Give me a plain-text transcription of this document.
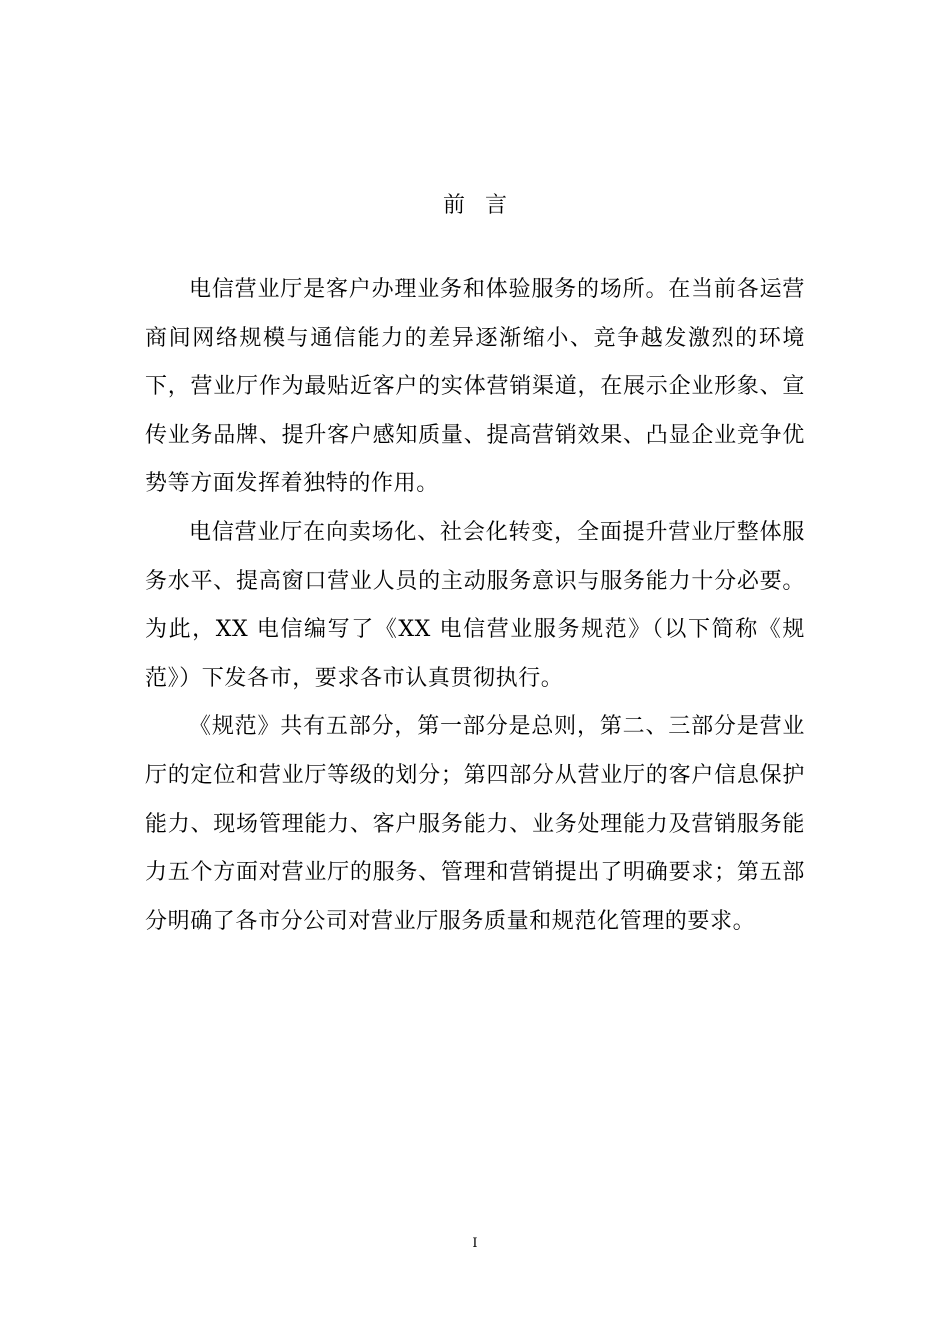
前言

电信营业厅是客户办理业务和体验服务的场所。在当前各运营商间网络规模与通信能力的差异逐渐缩小、竞争越发激烈的环境下，营业厅作为最贴近客户的实体营销渠道，在展示企业形象、宣传业务品牌、提升客户感知质量、提高营销效果、凸显企业竞争优势等方面发挥着独特的作用。

电信营业厅在向卖场化、社会化转变，全面提升营业厅整体服务水平、提高窗口营业人员的主动服务意识与服务能力十分必要。为此，XX 电信编写了《XX 电信营业服务规范》（以下简称《规范》）下发各市，要求各市认真贯彻执行。

《规范》共有五部分，第一部分是总则，第二、三部分是营业厅的定位和营业厅等级的划分；第四部分从营业厅的客户信息保护能力、现场管理能力、客户服务能力、业务处理能力及营销服务能力五个方面对营业厅的服务、管理和营销提出了明确要求；第五部分明确了各市分公司对营业厅服务质量和规范化管理的要求。

I
